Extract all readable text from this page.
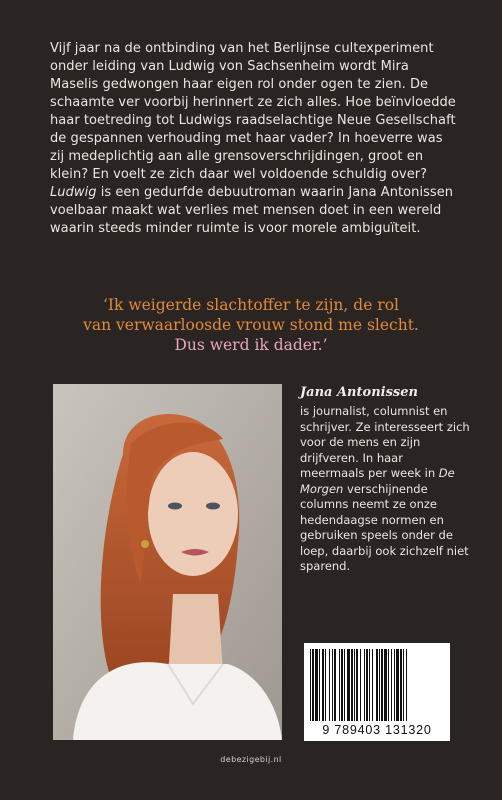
Vijf jaar na de ontbinding van het Berlijnse cultexperiment onder leiding van Ludwig von Sachsenheim wordt Mira Maselis gedwongen haar eigen rol onder ogen te zien. De schaamte ver voorbij herinnert ze zich alles. Hoe beïnvloedde haar toetreding tot Ludwigs raadselachtige Neue Gesellschaft de gespannen verhouding met haar vader? In hoeverre was zij medeplichtig aan alle grensoverschrijdingen, groot en klein? En voelt ze zich daar wel voldoende schuldig over? Ludwig is een gedurfde debuutroman waarin Jana Antonissen voelbaar maakt wat verlies met mensen doet in een wereld waarin steeds minder ruimte is voor morele ambiguïteit.

‘Ik weigerde slachtoffer te zijn, de rol
van verwaarloosde vrouw stond me slecht.
Dus werd ik dader.’

Jana Antonissen

is journalist, columnist en schrijver. Ze interesseert zich voor de mens en zijn drijfveren. In haar meermaals per week in De Morgen verschijnende columns neemt ze onze hedendaagse normen en gebruiken speels onder de loep, daarbij ook zichzelf niet sparend.

9 789403 131320
debezigebij.nl
